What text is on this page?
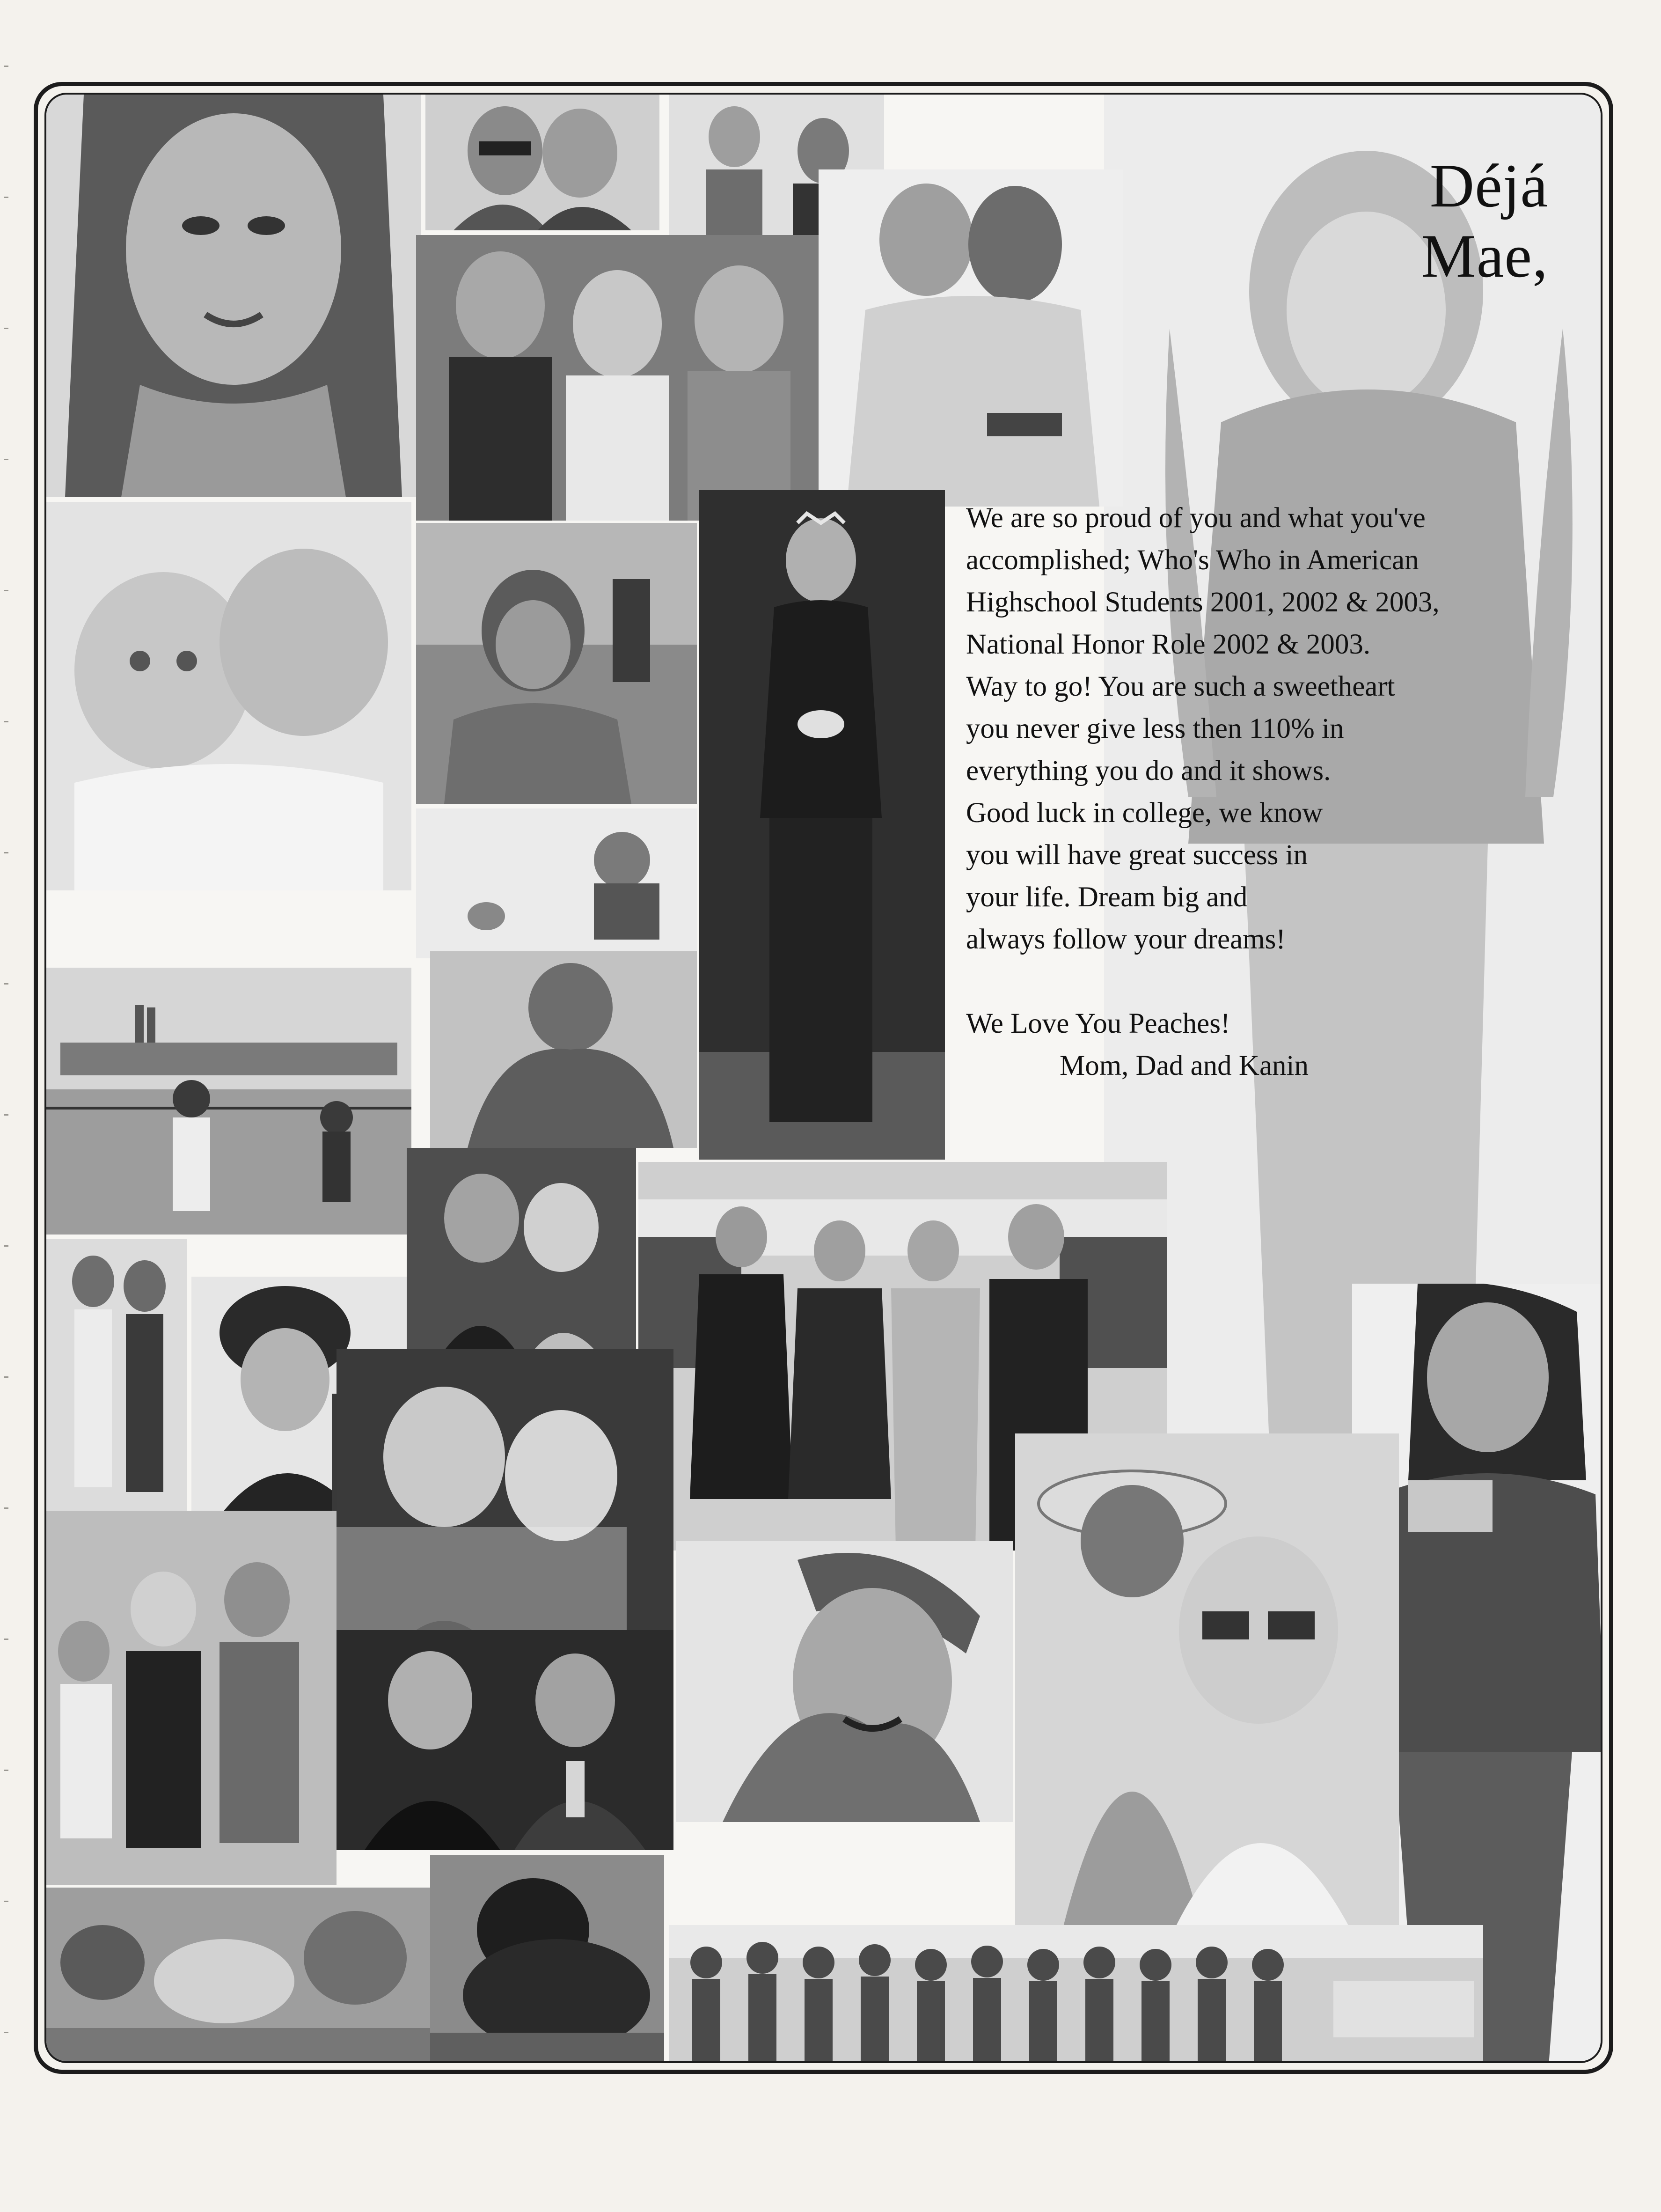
Déjá
Mae,
We are so proud of you and what you've
accomplished; Who's Who in American
Highschool Students 2001, 2002 & 2003,
National Honor Role 2002 & 2003.
Way to go! You are such a sweetheart
you never give less then 110% in
everything you do and it shows.
Good luck in college, we know
you will have great success in
your life. Dream big and
always follow your dreams!
We Love You Peaches!
Mom, Dad and Kanin
